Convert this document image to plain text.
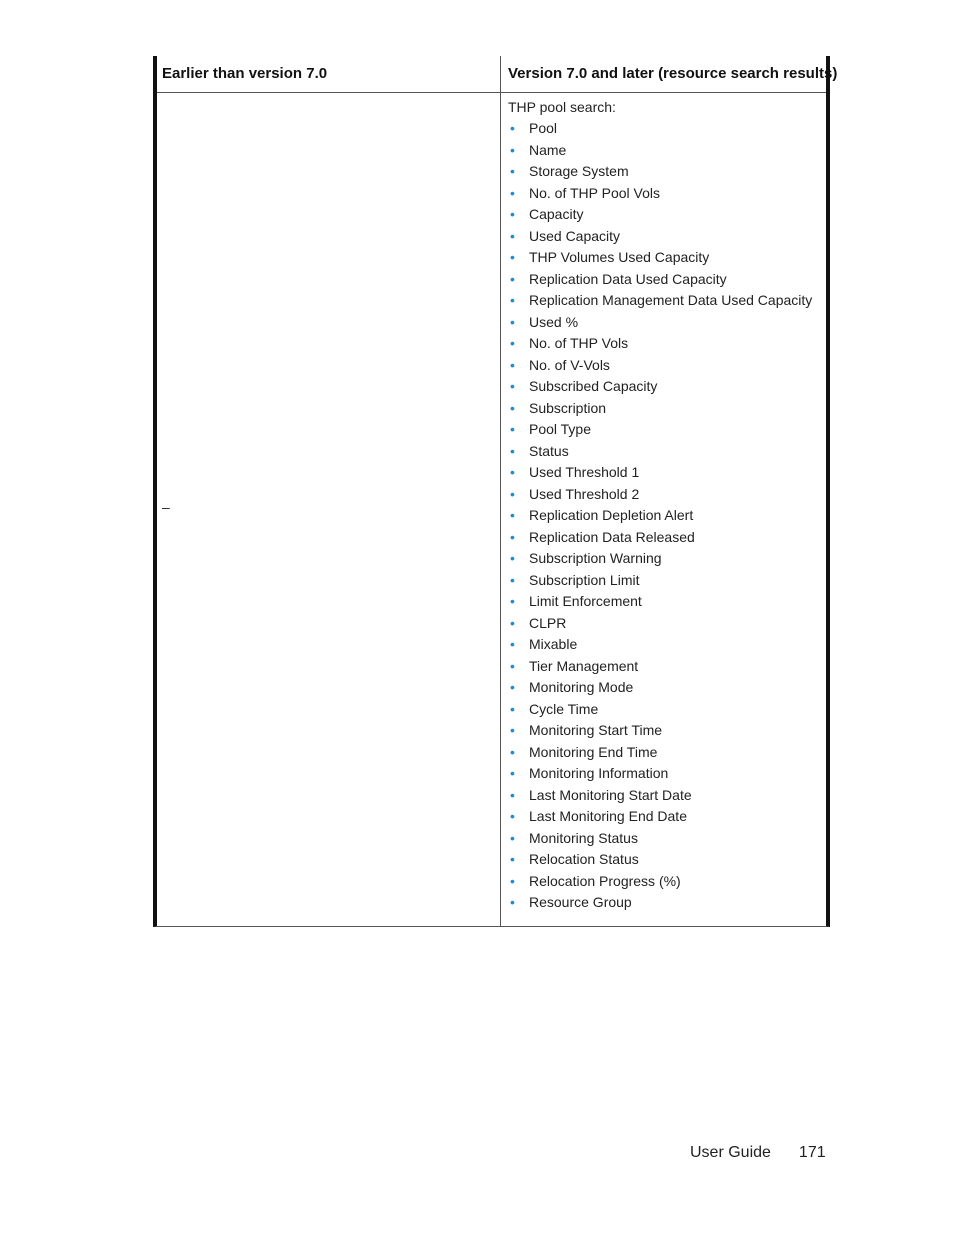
Earlier than version 7.0	Version 7.0 and later (resource search results)
–
THP pool search:
• Pool
• Name
• Storage System
• No. of THP Pool Vols
• Capacity
• Used Capacity
• THP Volumes Used Capacity
• Replication Data Used Capacity
• Replication Management Data Used Capacity
• Used %
• No. of THP Vols
• No. of V-Vols
• Subscribed Capacity
• Subscription
• Pool Type
• Status
• Used Threshold 1
• Used Threshold 2
• Replication Depletion Alert
• Replication Data Released
• Subscription Warning
• Subscription Limit
• Limit Enforcement
• CLPR
• Mixable
• Tier Management
• Monitoring Mode
• Cycle Time
• Monitoring Start Time
• Monitoring End Time
• Monitoring Information
• Last Monitoring Start Date
• Last Monitoring End Date
• Monitoring Status
• Relocation Status
• Relocation Progress (%)
• Resource Group
User Guide 171
